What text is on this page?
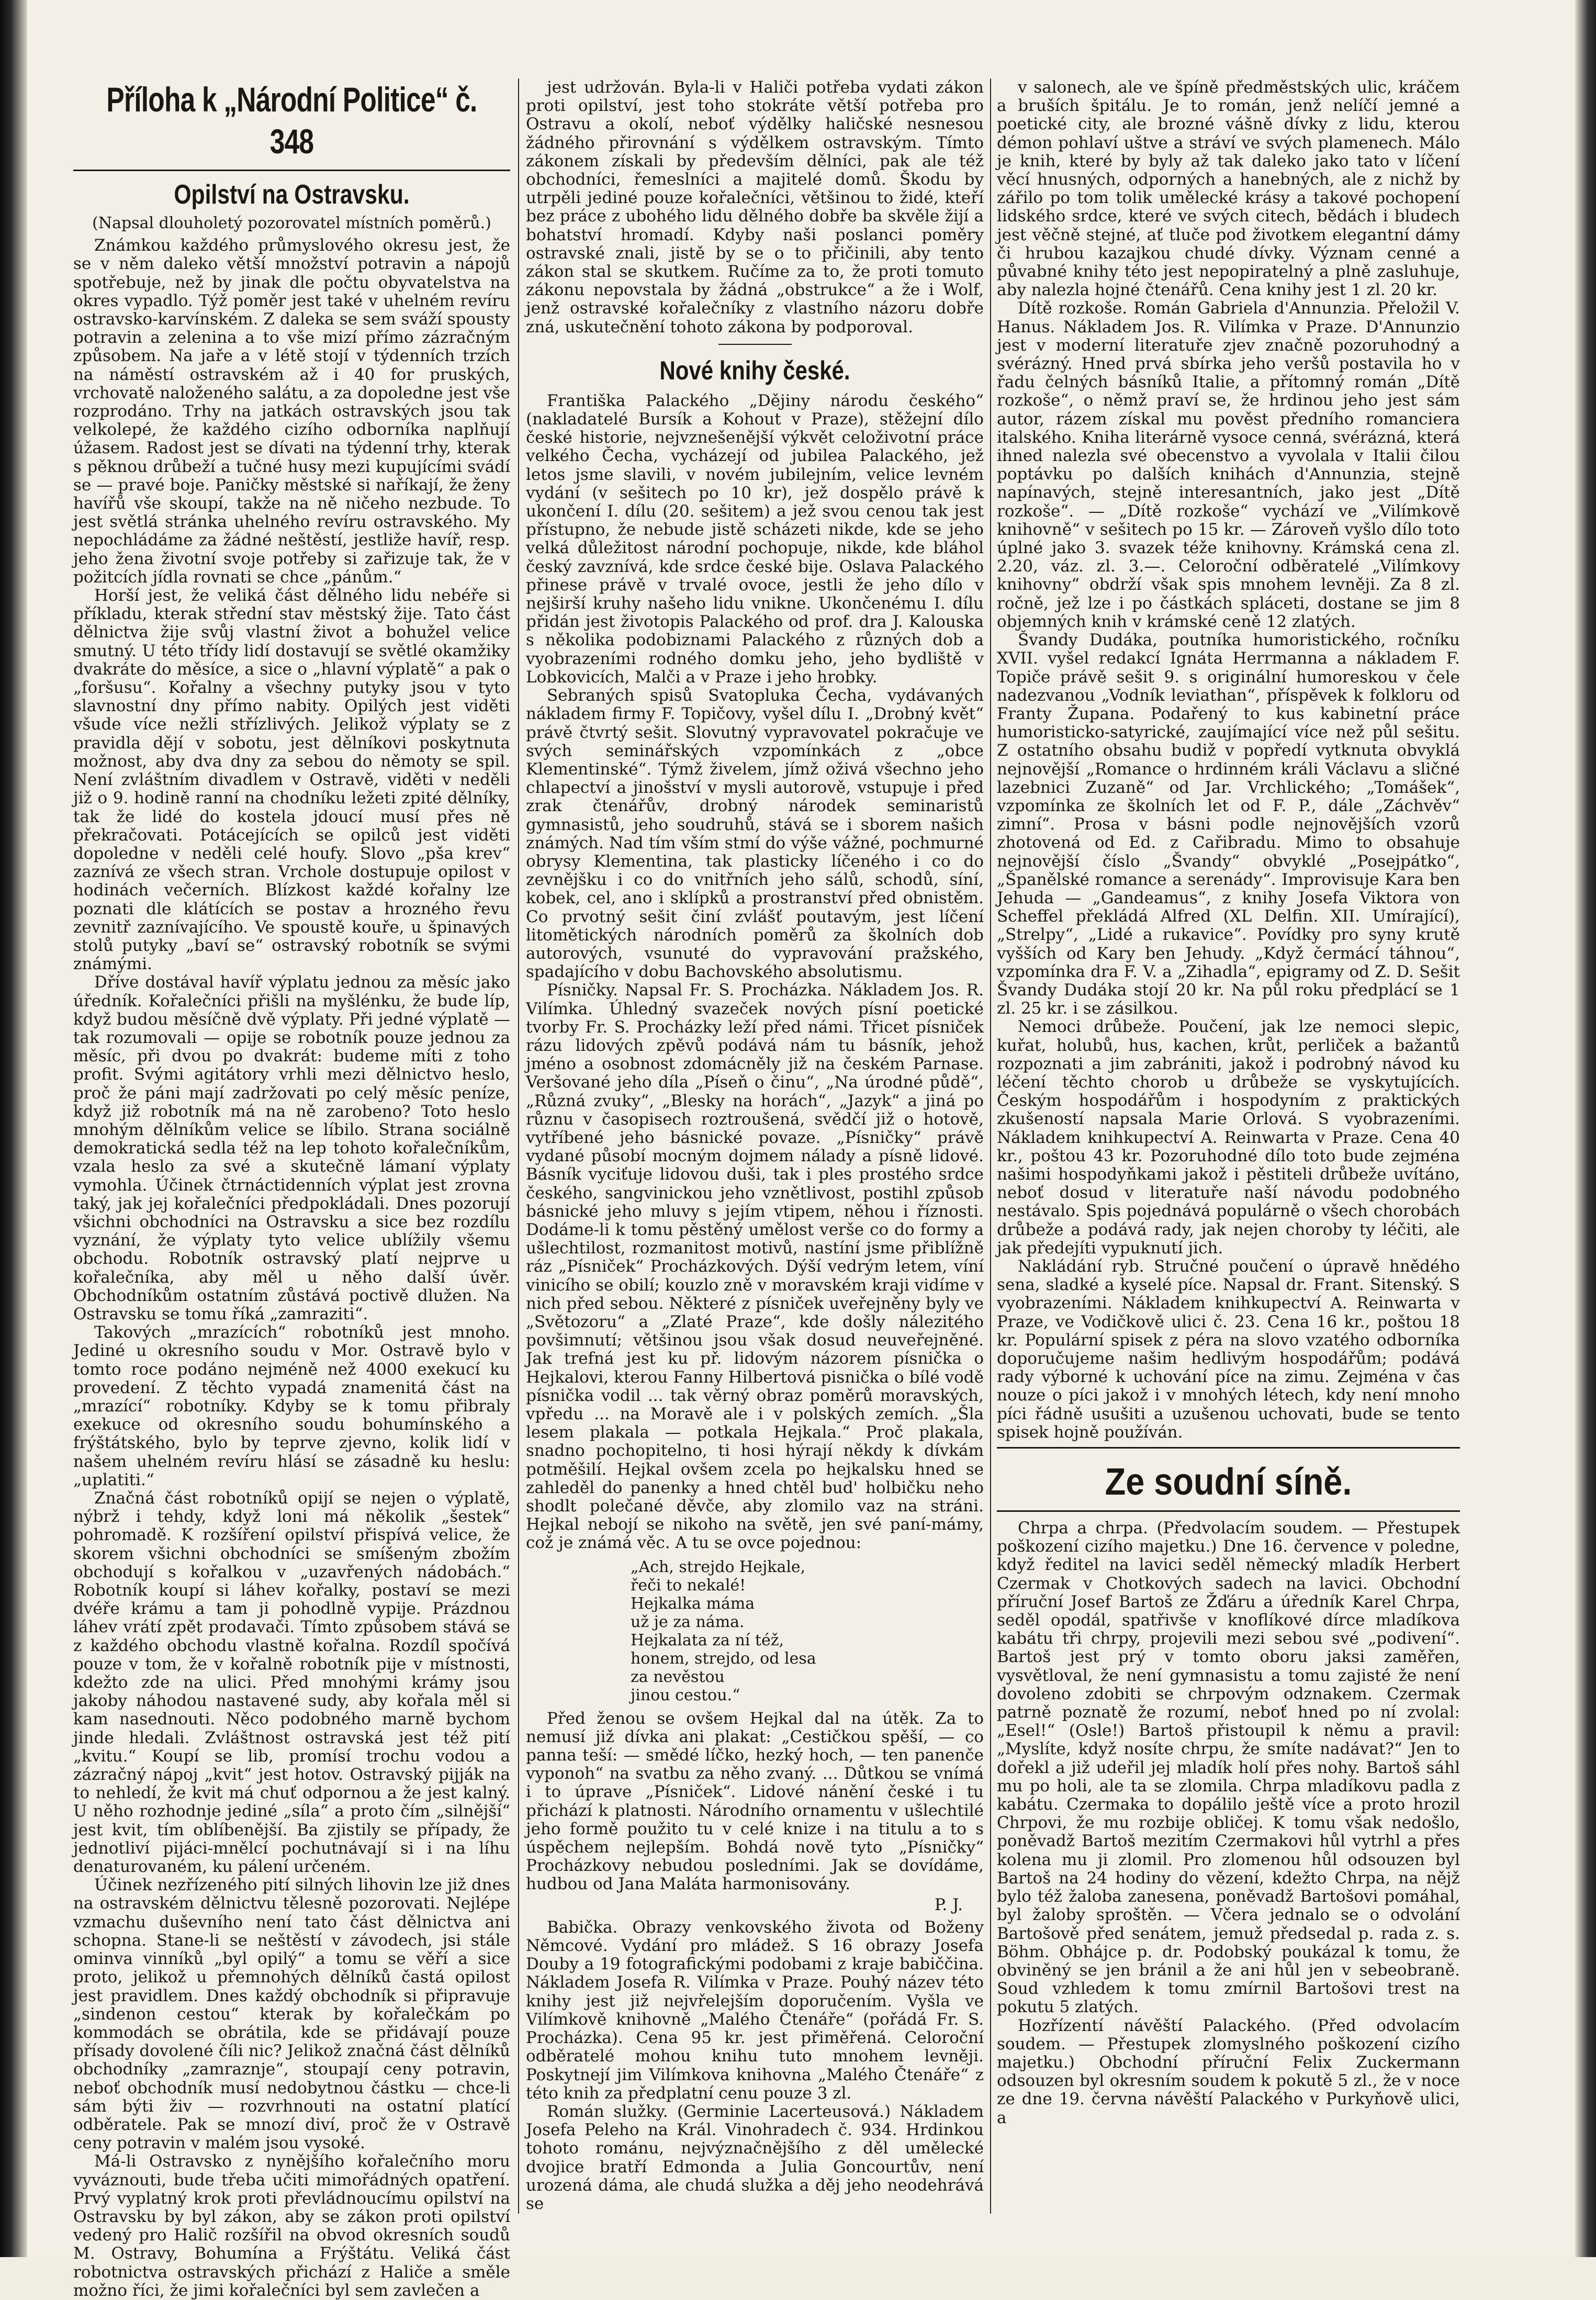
Příloha k „Národní Politice“ č. 348
Opilství na Ostravsku.
(Napsal dlouholetý pozorovatel místních poměrů.)

Známkou každého průmyslového okresu jest, že se v něm daleko větší množství potravin a nápojů spotřebuje, než by jinak dle počtu obyvatelstva na okres vypadlo. Týž poměr jest také v uhelném revíru ostravsko-karvínském. Z daleka se sem sváží spousty potravin a zelenina a to vše mizí přímo zázračným způsobem. Na jaře a v létě stojí v týdenních trzích na náměstí ostravském až i 40 for pruských, vrchovatě naloženého salátu, a za dopoledne jest vše rozprodáno. Trhy na jatkách ostravských jsou tak velkolepé, že každého cizího odborníka naplňují úžasem. Radost jest se dívati na týdenní trhy, kterak s pěknou drůbeží a tučné husy mezi kupujícími svádí se — pravé boje. Paničky městské si naříkají, že ženy havířů vše skoupí, takže na ně ničeho nezbude. To jest světlá stránka uhelného revíru ostravského. My nepochládáme za žádné neštěstí, jestliže havíř, resp. jeho žena životní svoje potřeby si zařizuje tak, že v požitcích jídla rovnati se chce „pánům.“

Horší jest, že veliká část dělného lidu nebéře si příkladu, kterak střední stav městský žije. Tato část dělnictva žije svůj vlastní život a bohužel velice smutný. U této třídy lidí dostavují se světlé okamžiky dvakráte do měsíce, a sice o „hlavní výplatě“ a pak o „foršusu“. Kořalny a všechny putyky jsou v tyto slavnostní dny přímo nabity. Opilých jest viděti všude více nežli střízlivých. Jelikož výplaty se z pravidla dějí v sobotu, jest dělníkovi poskytnuta možnost, aby dva dny za sebou do němoty se spil. Není zvláštním divadlem v Ostravě, viděti v neděli již o 9. hodině ranní na chodníku ležeti zpité dělníky, tak že lidé do kostela jdoucí musí přes ně překračovati. Potácejících se opilců jest viděti dopoledne v neděli celé houfy. Slovo „pša krev“ zaznívá ze všech stran. Vrchole dostupuje opilost v hodinách večerních. Blízkost každé kořalny lze poznati dle klátících se postav a hrozného řevu zevnitř zaznívajícího. Ve spoustě kouře, u špinavých stolů putyky „baví se“ ostravský robotník se svými známými.

Dříve dostával havíř výplatu jednou za měsíc jako úředník. Kořalečníci přišli na myšlénku, že bude líp, když budou měsíčně dvě výplaty. Při jedné výplatě — tak rozumovali — opije se robotník pouze jednou za měsíc, při dvou po dvakrát: budeme míti z toho profit. Svými agitátory vrhli mezi dělnictvo heslo, proč že páni mají zadržovati po celý měsíc peníze, když již robotník má na ně zarobeno? Toto heslo mnohým dělníkům velice se líbilo. Strana sociálně demokratická sedla též na lep tohoto kořalečníkům, vzala heslo za své a skutečně lámaní výplaty vymohla. Účinek čtrnáctidenních výplat jest zrovna taký, jak jej kořalečníci předpokládali. Dnes pozorují všichni obchodníci na Ostravsku a sice bez rozdílu vyznání, že výplaty tyto velice ublížily všemu obchodu. Robotník ostravský platí nejprve u kořalečníka, aby měl u něho další úvěr. Obchodníkům ostatním zůstává poctivě dlužen. Na Ostravsku se tomu říká „zamraziti“.

Takových „mrazících“ robotníků jest mnoho. Jediné u okresního soudu v Mor. Ostravě bylo v tomto roce podáno nejméně než 4000 exekucí ku provedení. Z těchto vypadá znamenitá část na „mrazící“ robotníky. Kdyby se k tomu přibraly exekuce od okresního soudu bohumínského a frýštátského, bylo by teprve zjevno, kolik lidí v našem uhelném revíru hlásí se zásadně ku heslu: „uplatiti.“

Značná část robotníků opijí se nejen o výplatě, nýbrž i tehdy, když loni má několik „šestek“ pohromadě. K rozšíření opilství přispívá velice, že skorem všichni obchodníci se smíšeným zbožím obchodují s kořalkou v „uzavřených nádobách.“ Robotník koupí si láhev kořalky, postaví se mezi dvéře krámu a tam ji pohodlně vypije. Prázdnou láhev vrátí zpět prodavači. Tímto způsobem stává se z každého obchodu vlastně kořalna. Rozdíl spočívá pouze v tom, že v kořalně robotník pije v místnosti, kdežto zde na ulici. Před mnohými krámy jsou jakoby náhodou nastavené sudy, aby kořala měl si kam nasednouti. Něco podobného marně bychom jinde hledali. Zvláštnost ostravská jest též pití „kvitu.“ Koupí se lib, promísí trochu vodou a zázračný nápoj „kvit“ jest hotov. Ostravský pijják na to nehledí, že kvit má chuť odpornou a že jest kalný. U něho rozhodnje jediné „síla“ a proto čím „silnější“ jest kvit, tím oblíbenější. Ba zjistily se případy, že jednotliví pijáci-mnělcí pochutnávají si i na líhu denaturovaném, ku pálení určeném.

Účinek nezřízeného pití silných lihovin lze již dnes na ostravském dělnictvu tělesně pozorovati. Nejlépe vzmachu duševního není tato část dělnictva ani schopna. Stane-li se neštěstí v závodech, jsi stále ominva vinníků „byl opilý“ a tomu se věří a sice proto, jelikož u přemnohých dělníků častá opilost jest pravidlem. Dnes každý obchodník si připravuje „sindenon cestou“ kterak by kořalečkám po kommodách se obrátila, kde se přidávají pouze přísady dovolené číli nic? Jelikož značná část dělníků obchodníky „zamraznje“, stoupají ceny potravin, neboť obchodník musí nedobytnou částku — chce-li sám býti živ — rozvrhnouti na ostatní platící odběratele. Pak se mnozí diví, proč že v Ostravě ceny potravin v malém jsou vysoké.

Má-li Ostravsko z nynějšího kořalečního moru vyváznouti, bude třeba učiti mimořádných opatření. Prvý vyplatný krok proti převládnoucímu opilství na Ostravsku by byl zákon, aby se zákon proti opilství vedený pro Halič rozšířil na obvod okresních soudů M. Ostravy, Bohumína a Frýštátu. Veliká část robotnictva ostravských přichází z Haliče a směle možno říci, že jimi kořalečníci byl sem zavlečen a

jest udržován. Byla-li v Haliči potřeba vydati zákon proti opilství, jest toho stokráte větší potřeba pro Ostravu a okolí, neboť výdělky haličské nesnesou žádného přirovnání s výdělkem ostravským. Tímto zákonem získali by především dělníci, pak ale též obchodníci, řemeslníci a majitelé domů. Škodu by utrpěli jediné pouze kořalečníci, většinou to židé, kteří bez práce z ubohého lidu dělného dobře ba skvěle žijí a bohatství hromadí. Kdyby naši poslanci poměry ostravské znali, jistě by se o to přičinili, aby tento zákon stal se skutkem. Ručíme za to, že proti tomuto zákonu nepovstala by žádná „obstrukce“ a že i Wolf, jenž ostravské kořalečníky z vlastního názoru dobře zná, uskutečnění tohoto zákona by podporoval.

Nové knihy české.

Františka Palackého „Dějiny národu českého“ (nakladatelé Bursík a Kohout v Praze), stěžejní dílo české historie, nejvznešenější výkvět celoživotní práce velkého Čecha, vycházejí od jubilea Palackého, jež letos jsme slavili, v novém jubilejním, velice levném vydání (v sešitech po 10 kr), jež dospělo právě k ukončení I. dílu (20. sešitem) a jež svou cenou tak jest přístupno, že nebude jistě scházeti nikde, kde se jeho velká důležitost národní pochopuje, nikde, kde bláhol český zavznívá, kde srdce české bije. Oslava Palackého přinese právě v trvalé ovoce, jestli že jeho dílo v nejširší kruhy našeho lidu vnikne. Ukončenému I. dílu přidán jest životopis Palackého od prof. dra J. Kalouska s několika podobiznami Palackého z různých dob a vyobrazeními rodného domku jeho, jeho bydliště v Lobkovicích, Malči a v Praze i jeho hrobky.

Sebraných spisů Svatopluka Čecha, vydávaných nákladem firmy F. Topičovy, vyšel dílu I. „Drobný květ“ právě čtvrtý sešit. Slovutný vypravovatel pokračuje ve svých seminářských vzpomínkách z „obce Klementinské“. Týmž živelem, jímž oživá všechno jeho chlapectví a jinošství v mysli autorově, vstupuje i před zrak čtenářův, drobný národek seminaristů gymnasistů, jeho soudruhů, stává se i sborem našich známých. Nad tím vším stmí do výše vážné, pochmurné obrysy Klementina, tak plasticky líčeného i co do zevnějšku i co do vnitřních jeho sálů, schodů, síní, kobek, cel, ano i sklípků a prostranství před obnistěm. Co prvotný sešit činí zvlášť poutavým, jest líčení litomětických národních poměrů za školních dob autorových, vsunuté do vypravování pražského, spadajícího v dobu Bachovského absolutismu.

Písničky. Napsal Fr. S. Procházka. Nákladem Jos. R. Vilímka. Úhledný svazeček nových písní poetické tvorby Fr. S. Procházky leží před námi. Třicet písniček rázu lidových zpěvů podává nám tu básník, jehož jméno a osobnost zdomácněly již na českém Parnase. Veršované jeho díla „Píseň o činu“, „Na úrodné půdě“, „Různá zvuky“, „Blesky na horách“, „Jazyk“ a jiná po různu v časopisech roztroušená, svědčí již o hotově, vytříbené jeho básnické povaze. „Písničky“ právě vydané působí mocným dojmem nálady a písně lidové. Básník vyciťuje lidovou duši, tak i ples prostého srdce českého, sangvinickou jeho vznětlivost, postihl způsob básnické jeho mluvy s jejím vtipem, něhou i říznosti. Dodáme-li k tomu pěstěný umělost verše co do formy a ušlechtilost, rozmanitost motivů, nastíní jsme přiblížně ráz „Písniček“ Procházkových. Dýší vedrým letem, víní vinicího se obilí; kouzlo zně v moravském kraji vidíme v nich před sebou. Některé z písniček uveřejněny byly ve „Světozoru“ a „Zlaté Praze“, kde došly nálezitého povšimnutí; většinou jsou však dosud neuveřejněné. Jak trefná jest ku př. lidovým názorem písnička o Hejkalovi, kterou Fanny Hilbertová pisnička o bílé vodě písnička vodil ... tak věrný obraz poměrů moravských, vpředu ... na Moravě ale i v polských zemích. „Šla lesem plakala — potkala Hejkala.“ Proč plakala, snadno pochopitelno, ti hosi hýrají někdy k dívkám potměšilí. Hejkal ovšem zcela po hejkalsku hned se zahleděl do panenky a hned chtěl bud' holbičku neho shodlt polečané děvče, aby zlomilo vaz na stráni. Hejkal nebojí se nikoho na světě, jen své paní-mámy, což je známá věc. A tu se ovce pojednou:

„Ach, strejdo Hejkale,
řeči to nekalé!
Hejkalka máma
už je za náma.
Hejkalata za ní též,
honem, strejdo, od lesa
za nevěstou
jinou cestou.“

Před ženou se ovšem Hejkal dal na útěk. Za to nemusí již dívka ani plakat: „Cestičkou spěší, — co panna teší: — smědé líčko, hezký hoch, — ten panenče vyponoh“ na svatbu za něho zvaný. ... Důtkou se vnímá i to úprave „Písniček“. Lidové nánění české i tu přichází k platnosti. Národního ornamentu v ušlechtilé jeho formě použito tu v celé knize i na titulu a to s úspěchem nejlepším. Bohdá nově tyto „Písničky“ Procházkovy nebudou posledními. Jak se dovídáme, hudbou od Jana Maláta harmonisovány.

P. J.

Babička. Obrazy venkovského života od Boženy Němcové. Vydání pro mládež. S 16 obrazy Josefa Douby a 19 fotografickými podobami z kraje babiččina. Nákladem Josefa R. Vilímka v Praze. Pouhý název této knihy jest již nejvřelejším doporučením. Vyšla ve Vilímkově knihovně „Malého Čtenáře“ (pořádá Fr. S. Procházka). Cena 95 kr. jest přiměřená. Celoroční odběratelé mohou knihu tuto mnohem levněji. Poskytnejí jim Vilímkova knihovna „Malého Čtenáře“ z této knih za předplatní cenu pouze 3 zl.

Román služky. (Germinie Lacerteusová.) Nákladem Josefa Peleho na Král. Vinohradech č. 934. Hrdinkou tohoto románu, nejvýznačnějšího z děl umělecké dvojice bratří Edmonda a Julia Goncourtův, není urozená dáma, ale chudá služka a děj jeho neodehrává se

v salonech, ale ve špíně předměstských ulic, kráčem a bruších špitálu. Je to román, jenž nelíčí jemné a poetické city, ale brozné vášně dívky z lidu, kterou démon pohlaví uštve a stráví ve svých plamenech. Málo je knih, které by byly až tak daleko jako tato v líčení věcí hnusných, odporných a hanebných, ale z nichž by zářilo po tom tolik umělecké krásy a takové pochopení lidského srdce, které ve svých citech, bědách i bludech jest věčně stejné, ať tluče pod životkem elegantní dámy či hrubou kazajkou chudé dívky. Význam cenné a půvabné knihy této jest nepopiratelný a plně zasluhuje, aby nalezla hojné čtenářů. Cena knihy jest 1 zl. 20 kr.

Dítě rozkoše. Román Gabriela d'Annunzia. Přeložil V. Hanus. Nákladem Jos. R. Vilímka v Praze. D'Annunzio jest v moderní literatuře zjev značně pozoruhodný a svérázný. Hned prvá sbírka jeho veršů postavila ho v řadu čelných básníků Italie, a přítomný román „Dítě rozkoše“, o němž praví se, že hrdinou jeho jest sám autor, rázem získal mu pověst předního romanciera italského. Kniha literárně vysoce cenná, svérázná, která ihned nalezla své obecenstvo a vyvolala v Italii čilou poptávku po dalších knihách d'Annunzia, stejně napínavých, stejně interesantních, jako jest „Dítě rozkoše“. — „Dítě rozkoše“ vychází ve „Vilímkově knihovně“ v sešitech po 15 kr. — Zároveň vyšlo dílo toto úplné jako 3. svazek téže knihovny. Krámská cena zl. 2.20, váz. zl. 3.—. Celoroční odběratelé „Vilímkovy knihovny“ obdrží však spis mnohem levněji. Za 8 zl. ročně, jež lze i po částkách spláceti, dostane se jim 8 objemných knih v krámské ceně 12 zlatých.

Švandy Dudáka, poutníka humoristického, ročníku XVII. vyšel redakcí Ignáta Herrmanna a nákladem F. Topiče právě sešit 9. s originální humoreskou v čele nadezvanou „Vodník leviathan“, příspěvek k folkloru od Franty Župana. Podařený to kus kabinetní práce humoristicko-satyrické, zaujímající více než půl sešitu. Z ostatního obsahu budiž v popředí vytknuta obvyklá nejnovější „Romance o hrdinném králi Václavu a sličné lazebnici Zuzaně“ od Jar. Vrchlického; „Tomášek“, vzpomínka ze školních let od F. P., dále „Záchvěv“ zimní“. Prosa v básni podle nejnovějších vzorů zhotovená od Ed. z Cařibradu. Mimo to obsahuje nejnovější číslo „Švandy“ obvyklé „Posejpátko“, „Španělské romance a serenády“. Improvisuje Kara ben Jehuda — „Gandeamus“, z knihy Josefa Viktora von Scheffel překládá Alfred (XL Delfin. XII. Umírající), „Strelpy“, „Lidé a rukavice“. Povídky pro syny krutě vyšších od Kary ben Jehudy. „Když čermácí táhnou“, vzpomínka dra F. V. a „Zihadla“, epigramy od Z. D. Sešit Švandy Dudáka stojí 20 kr. Na půl roku předplácí se 1 zl. 25 kr. i se zásilkou.

Nemoci drůbeže. Poučení, jak lze nemoci slepic, kuřat, holubů, hus, kachen, krůt, perliček a bažantů rozpoznati a jim zabrániti, jakož i podrobný návod ku léčení těchto chorob u drůbeže se vyskytujících. Českým hospodářům i hospodyním z praktických zkušeností napsala Marie Orlová. S vyobrazeními. Nákladem knihkupectví A. Reinwarta v Praze. Cena 40 kr., poštou 43 kr. Pozoruhodné dílo toto bude zejména našimi hospodyňkami jakož i pěstiteli drůbeže uvítáno, neboť dosud v literatuře naší návodu podobného nestávalo. Spis pojednává populárně o všech chorobách drůbeže a podává rady, jak nejen choroby ty léčiti, ale jak předejíti vypuknutí jich.

Nakládání ryb. Stručné poučení o úpravě hnědého sena, sladké a kyselé píce. Napsal dr. Frant. Sitenský. S vyobrazeními. Nákladem knihkupectví A. Reinwarta v Praze, ve Vodičkově ulici č. 23. Cena 16 kr., poštou 18 kr. Populární spisek z péra na slovo vzatého odborníka doporučujeme našim hedlivým hospodářům; podává rady výborné k uchování píce na zimu. Zejména v čas nouze o píci jakož i v mnohých létech, kdy není mnoho píci řádně usušiti a uzušenou uchovati, bude se tento spisek hojně používán.

Ze soudní síně.

Chrpa a chrpa. (Předvolacím soudem. — Přestupek poškození cizího majetku.) Dne 16. července v poledne, když ředitel na lavici seděl německý mladík Herbert Czermak v Chotkových sadech na lavici. Obchodní příruční Josef Bartoš ze Žďáru a úředník Karel Chrpa, seděl opodál, spatřivše v knoflíkové dírce mladíkova kabátu tři chrpy, projevili mezi sebou své „podivení“. Bartoš jest prý v tomto oboru jaksi zaměřen, vysvětloval, že není gymnasistu a tomu zajisté že není dovoleno zdobiti se chrpovým odznakem. Czermak patrně poznatě že rozumí, neboť hned po ní zvolal: „Esel!“ (Osle!) Bartoš přistoupil k němu a pravil: „Myslíte, když nosíte chrpu, že smíte nadávat?“ Jen to dořekl a již udeřil jej mladík holí přes nohy. Bartoš sáhl mu po holi, ale ta se zlomila. Chrpa mladíkovu padla z kabátu. Czermaka to dopálilo ještě více a proto hrozil Chrpovi, že mu rozbije obličej. K tomu však nedošlo, poněvadž Bartoš mezitím Czermakovi hůl vytrhl a přes kolena mu ji zlomil. Pro zlomenou hůl odsouzen byl Bartoš na 24 hodiny do vězení, kdežto Chrpa, na nějž bylo též žaloba zanesena, poněvadž Bartošovi pomáhal, byl žaloby sproštěn. — Včera jednalo se o odvolání Bartošově před senátem, jemuž předsedal p. rada z. s. Böhm. Obhájce p. dr. Podobský poukázal k tomu, že obviněný se jen bránil a že ani hůl jen v sebeobraně. Soud vzhledem k tomu zmírnil Bartošovi trest na pokutu 5 zlatých.

Hozřízentí návěští Palackého. (Před odvolacím soudem. — Přestupek zlomyslného poškození cizího majetku.) Obchodní příruční Felix Zuckermann odsouzen byl okresním soudem k pokutě 5 zl., že v noce ze dne 19. června návěští Palackého v Purkyňově ulici, a
